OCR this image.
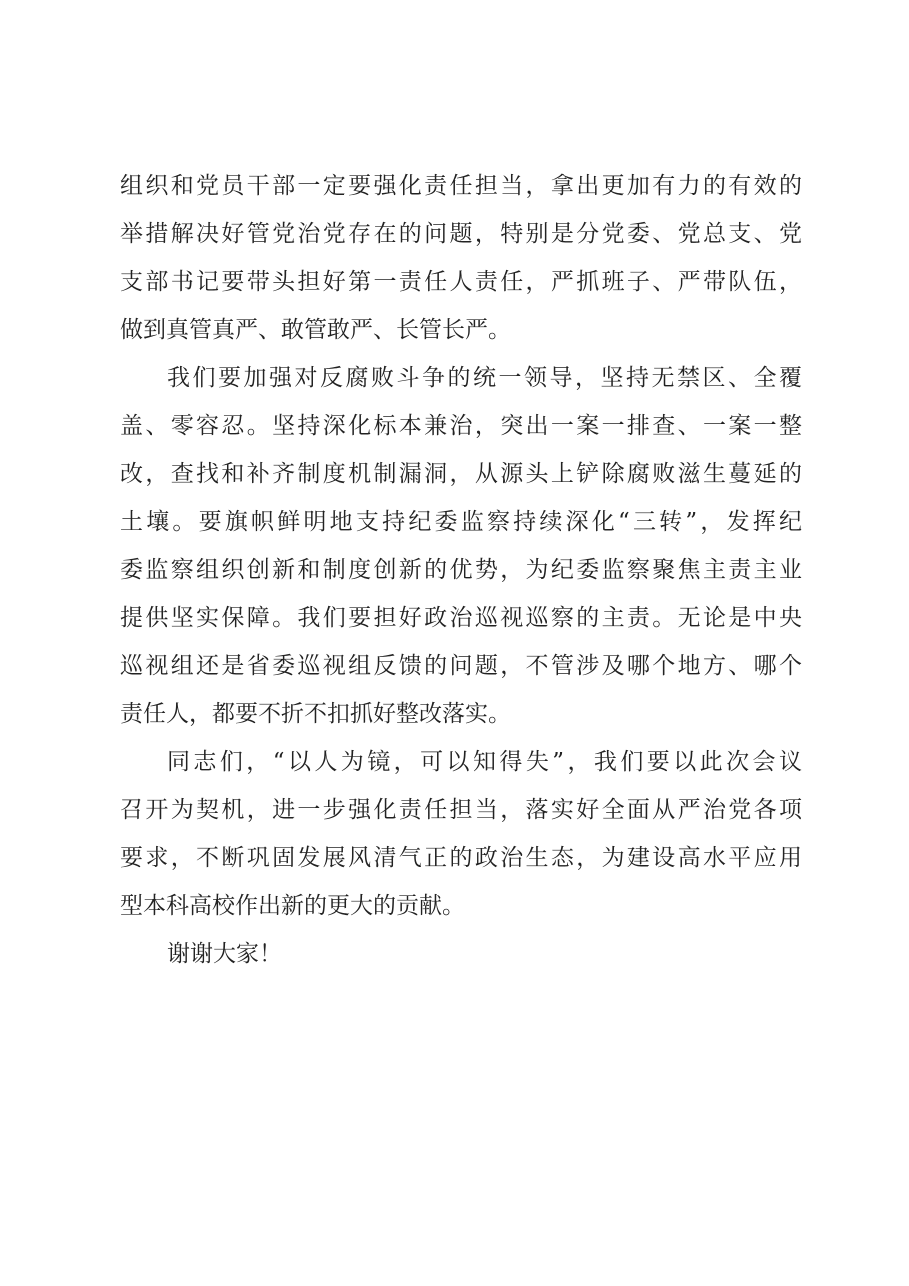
组织和党员干部一定要强化责任担当，拿出更加有力的有效的
举措解决好管党治党存在的问题，特别是分党委、党总支、党
支部书记要带头担好第一责任人责任，严抓班子、严带队伍，
做到真管真严、敢管敢严、长管长严。
我们要加强对反腐败斗争的统一领导，坚持无禁区、全覆
盖、零容忍。坚持深化标本兼治，突出一案一排查、一案一整
改，查找和补齐制度机制漏洞，从源头上铲除腐败滋生蔓延的
土壤。要旗帜鲜明地支持纪委监察持续深化“三转”，发挥纪
委监察组织创新和制度创新的优势，为纪委监察聚焦主责主业
提供坚实保障。我们要担好政治巡视巡察的主责。无论是中央
巡视组还是省委巡视组反馈的问题，不管涉及哪个地方、哪个
责任人，都要不折不扣抓好整改落实。
同志们，“以人为镜，可以知得失”，我们要以此次会议
召开为契机，进一步强化责任担当，落实好全面从严治党各项
要求，不断巩固发展风清气正的政治生态，为建设高水平应用
型本科高校作出新的更大的贡献。
谢谢大家！
